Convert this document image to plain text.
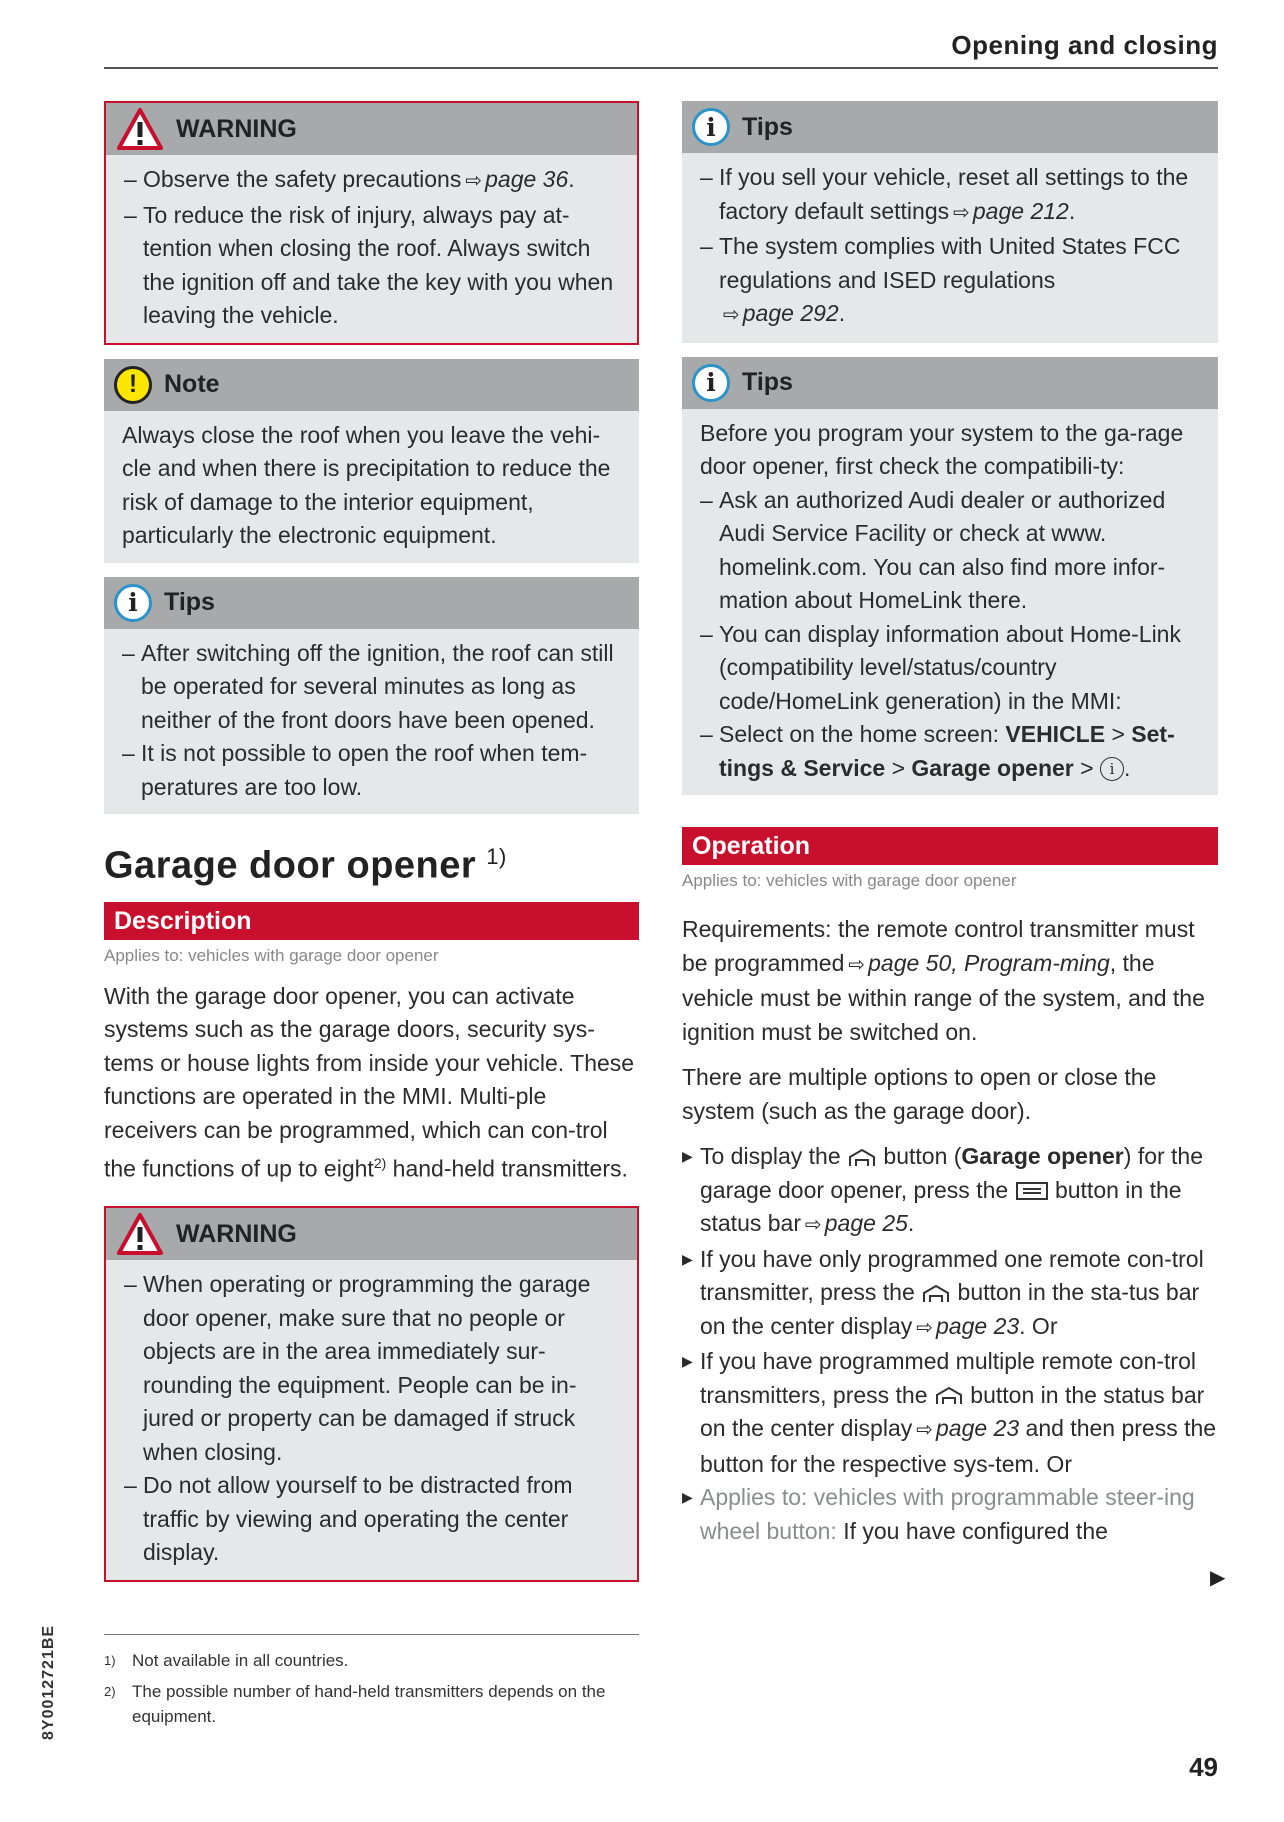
Opening and closing
WARNING
– Observe the safety precautions ⇨ page 36.
– To reduce the risk of injury, always pay at-tention when closing the roof. Always switch the ignition off and take the key with you when leaving the vehicle.
!	Note

Always close the roof when you leave the vehi-cle and when there is precipitation to reduce the risk of damage to the interior equipment, particularly the electronic equipment.

i	Tips
– After switching off the ignition, the roof can still be operated for several minutes as long as neither of the front doors have been opened.
– It is not possible to open the roof when tem-peratures are too low.
Garage door opener $^{1)}$
Description
Applies to: vehicles with garage door opener

With the garage door opener, you can activate systems such as the garage doors, security sys-tems or house lights from inside your vehicle. These functions are operated in the MMI. Multi-ple receivers can be programmed, which can con-trol the functions of up to eight$^{2)}$ hand-held transmitters.

WARNING
– When operating or programming the garage door opener, make sure that no people or objects are in the area immediately sur-rounding the equipment. People can be in-jured or property can be damaged if struck when closing.
– Do not allow yourself to be distracted from traffic by viewing and operating the center display.
i	Tips
– If you sell your vehicle, reset all settings to the factory default settings ⇨ page 212.
– The system complies with United States FCC regulations and ISED regulations
⇨ page 292.
i	Tips

Before you program your system to the ga-rage door opener, first check the compatibili-ty:

– Ask an authorized Audi dealer or authorized Audi Service Facility or check at www. homelink.com. You can also find more infor-mation about HomeLink there.
– You can display information about Home-Link (compatibility level/status/country code/HomeLink generation) in the MMI:
– Select on the home screen: VEHICLE > Set-tings & Service > Garage opener > i .
Operation
Applies to: vehicles with garage door opener

Requirements: the remote control transmitter must be programmed ⇨ page 50, Program-ming, the vehicle must be within range of the system, and the ignition must be switched on.

There are multiple options to open or close the system (such as the garage door).

▶ To display the  button (Garage opener) for the garage door opener, press the  button in the status bar ⇨ page 25.
▶ If you have only programmed one remote con-trol transmitter, press the  button in the sta-tus bar on the center display ⇨ page 23. Or
▶ If you have programmed multiple remote con-trol transmitters, press the  button in the status bar on the center display ⇨ page 23 and then press the button for the respective sys-tem. Or
▶ Applies to: vehicles with programmable steer-ing wheel button: If you have configured the
▶
1) Not available in all countries.
2) The possible number of hand-held transmitters depends on the equipment.
8Y0012721BE
49
